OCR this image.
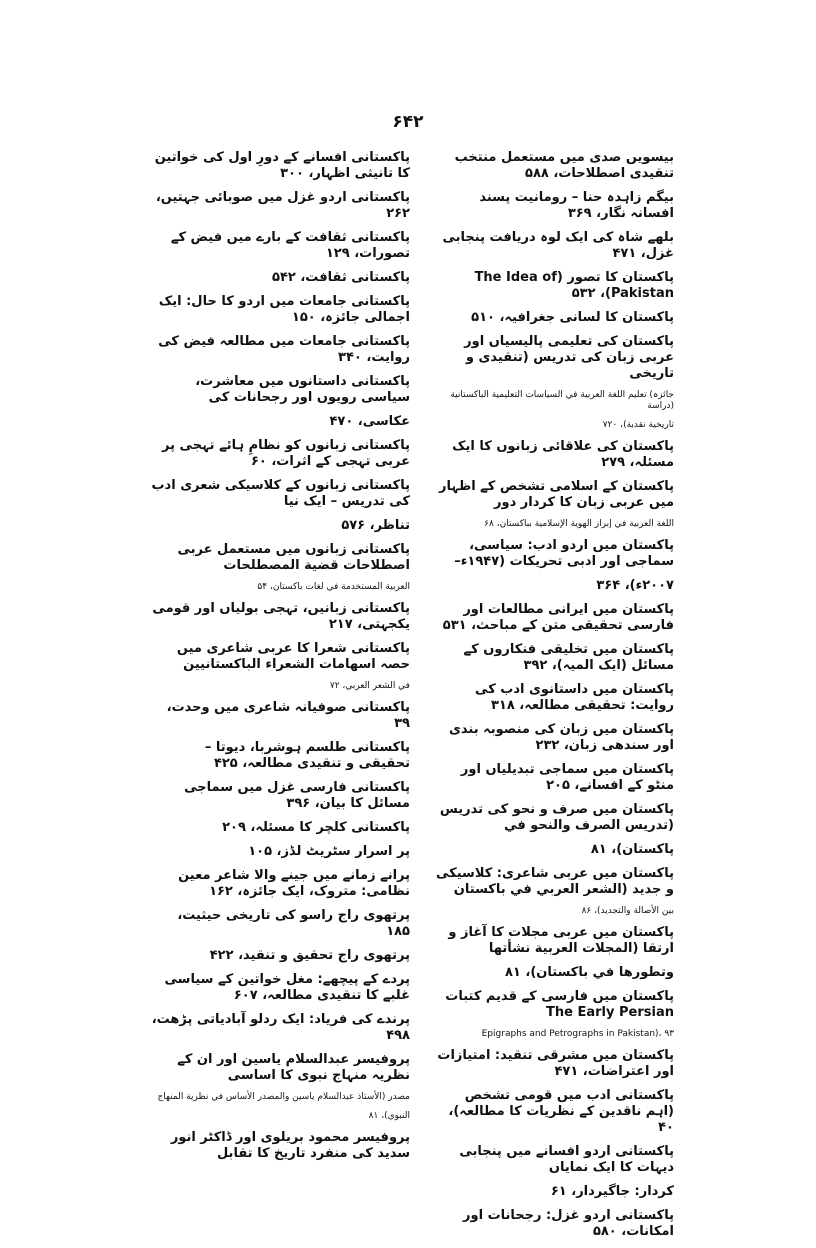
۶۴۲
بیسویں صدی میں مستعمل منتخب تنقیدی اصطلاحات، ۵۸۸
بیگم زاہدہ حنا – رومانیت پسند افسانہ نگار، ۳۶۹
بلھے شاہ کی ایک لوہ دریافت پنجابی غزل، ۴۷۱
پاکستان کا تصور (The Idea of Pakistan)، ۵۳۲
پاکستان کا لسانی جغرافیہ، ۵۱۰
پاکستان کی تعلیمی پالیسیاں اور عربی زبان کی تدریس (تنقیدی و تاریخی
جائزہ) تعلیم اللغة العربية في السياسات التعليمية الباكستانية (دراسة
تاريخية نقدية)، ۷۲۰
پاکستان کی علاقائی زبانوں کا ایک مسئلہ، ۲۷۹
پاکستان کے اسلامی تشخص کے اظہار میں عربی زبان کا کردار دور
اللغة العربية في إبراز الهوية الإسلامية بباكستان، ۶۸
پاکستان میں اردو ادب: سیاسی، سماجی اور ادبی تحریکات (۱۹۴۷ء–
۲۰۰۷ء)، ۳۶۴
پاکستان میں ایرانی مطالعات اور فارسی تحقیقی متن کے مباحث، ۵۳۱
پاکستان میں تخلیقی فنکاروں کے مسائل (ایک المیہ)، ۳۹۲
پاکستان میں داستانوی ادب کی روایت: تحقیقی مطالعہ، ۳۱۸
پاکستان میں زبان کی منصوبہ بندی اور سندھی زبان، ۲۳۲
پاکستان میں سماجی تبدیلیاں اور منٹو کے افسانے، ۲۰۵
پاکستان میں صرف و نحو کی تدریس (تدريس الصرف والنحو في
پاکستان)، ۸۱
پاکستان میں عربی شاعری: کلاسیکی و جدید (الشعر العربي في باكستان
بين الأصالة والتجديد)، ۸۶
پاکستان میں عربی مجلات کا آغاز و ارتقا (المجلات العربية نشأتها
وتطورها في باكستان)، ۸۱
پاکستان میں فارسی کے قدیم کتبات The Early Persian
Epigraphs and Petrographs in Pakistan)، ۹۳
پاکستان میں مشرقی تنقید: امتیازات اور اعتراضات، ۴۷۱
پاکستانی ادب میں قومی تشخص (اہم ناقدین کے نظریات کا مطالعہ)، ۴۰
پاکستانی اردو افسانے میں پنجابی دیہات کا ایک نمایاں
کردار: جاگیردار، ۶۱
پاکستانی اردو غزل: رجحانات اور امکانات، ۵۸۰
پاکستانی افسانے کے دورِ اول کی خواتین کا تانیثی اظہار، ۳۰۰
پاکستانی اردو غزل میں صوبائی جہتیں، ۲۶۲
پاکستانی ثقافت کے بارے میں فیض کے تصورات، ۱۲۹
پاکستانی ثقافت، ۵۴۲
پاکستانی جامعات میں اردو کا حال: ایک اجمالی جائزہ، ۱۵۰
پاکستانی جامعات میں مطالعہ فیض کی روایت، ۳۴۰
پاکستانی داستانوں میں معاشرت، سیاسی رویوں اور رجحانات کی
عکاسی، ۴۷۰
پاکستانی زبانوں کو نظامِ ہائے تہجی پر عربی تہجی کے اثرات، ۶۰
پاکستانی زبانوں کے کلاسیکی شعری ادب کی تدریس – ایک نیا
تناظر، ۵۷۶
پاکستانی زبانوں میں مستعمل عربی اصطلاحات قضية المصطلحات
العربية المستخدمة في لغات باكستان، ۵۴
پاکستانی زبانیں، تہجی بولیاں اور قومی یکجہتی، ۲۱۷
پاکستانی شعرا کا عربی شاعری میں حصہ اسهامات الشعراء الباكستانيين
في الشعر العربي، ۷۲
پاکستانی صوفیانہ شاعری میں وحدت، ۳۹
پاکستانی طلسم ہوشربا، دیوتا – تحقیقی و تنقیدی مطالعہ، ۴۲۵
پاکستانی فارسی غزل میں سماجی مسائل کا بیان، ۳۹۶
پاکستانی کلچر کا مسئلہ، ۲۰۹
پر اسرار سٹریٹ لڈز، ۱۰۵
پرانے زمانے میں جینے والا شاعر معین نظامی: متروک، ایک جائزہ، ۱۶۲
پرتھوی راج راسو کی تاریخی حیثیت، ۱۸۵
پرتھوی راج تحقیق و تنقید، ۴۲۲
پردے کے پیچھے: مغل خواتین کے سیاسی غلبے کا تنقیدی مطالعہ، ۶۰۷
پرندے کی فریاد: ایک ردلو آبادیاتی پڑھت، ۴۹۸
پروفیسر عبدالسلام یاسین اور ان کے نظریہ منہاج نبوی کا اساسی
مصدر (الأستاذ عبدالسلام ياسين والمصدر الأساس في نظرية المنهاج
النبوي)، ۸۱
پروفیسر محمود بریلوی اور ڈاکٹر انور سدید کی منفرد تاریخ کا تقابل
